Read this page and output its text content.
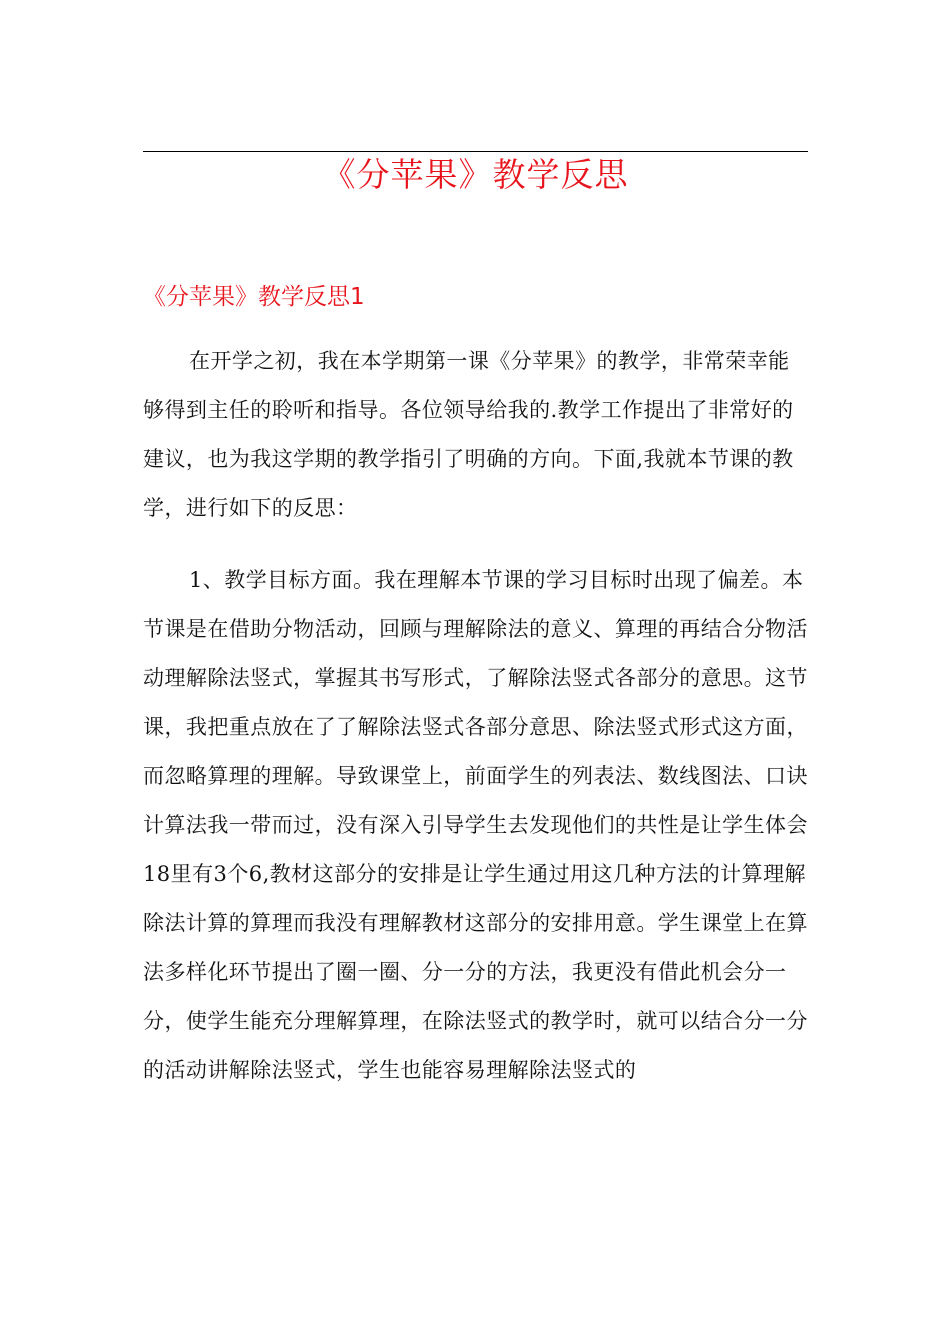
《分苹果》教学反思
《分苹果》教学反思1

在开学之初，我在本学期第一课《分苹果》的教学，非常荣幸能够得到主任的聆听和指导。各位领导给我的.教学工作提出了非常好的建议，也为我这学期的教学指引了明确的方向。下面,我就本节课的教学，进行如下的反思：

1、教学目标方面。我在理解本节课的学习目标时出现了偏差。本节课是在借助分物活动，回顾与理解除法的意义、算理的再结合分物活动理解除法竖式，掌握其书写形式，了解除法竖式各部分的意思。这节课，我把重点放在了了解除法竖式各部分意思、除法竖式形式这方面，而忽略算理的理解。导致课堂上，前面学生的列表法、数线图法、口诀计算法我一带而过，没有深入引导学生去发现他们的共性是让学生体会18里有3个6,教材这部分的安排是让学生通过用这几种方法的计算理解除法计算的算理而我没有理解教材这部分的安排用意。学生课堂上在算法多样化环节提出了圈一圈、分一分的方法，我更没有借此机会分一分，使学生能充分理解算理，在除法竖式的教学时，就可以结合分一分的活动讲解除法竖式，学生也能容易理解除法竖式的
